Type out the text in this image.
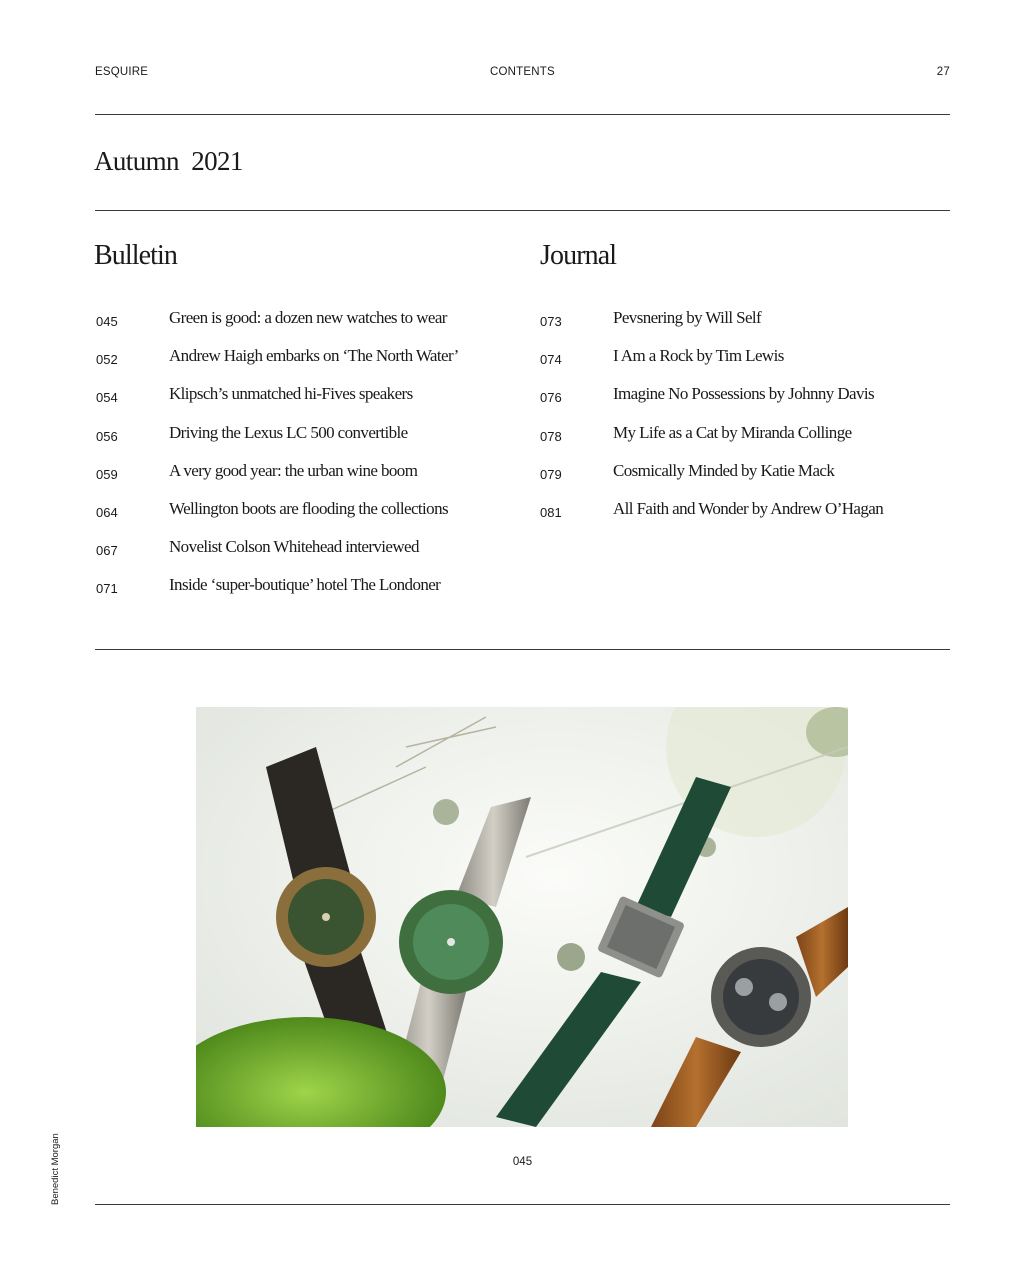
ESQUIRE	CONTENTS	27
Autumn  2021
Bulletin	Journal
045	Green is good: a dozen new watches to wear
052	Andrew Haigh embarks on ‘The North Water’
054	Klipsch’s unmatched hi-Fives speakers
056	Driving the Lexus LC 500 convertible
059	A very good year: the urban wine boom
064	Wellington boots are flooding the collections
067	Novelist Colson Whitehead interviewed
071	Inside ‘super-boutique’ hotel The Londoner
073	Pevsnering by Will Self
074	I Am a Rock by Tim Lewis
076	Imagine No Possessions by Johnny Davis
078	My Life as a Cat by Miranda Collinge
079	Cosmically Minded by Katie Mack
081	All Faith and Wonder by Andrew O’Hagan
045
Benedict Morgan
